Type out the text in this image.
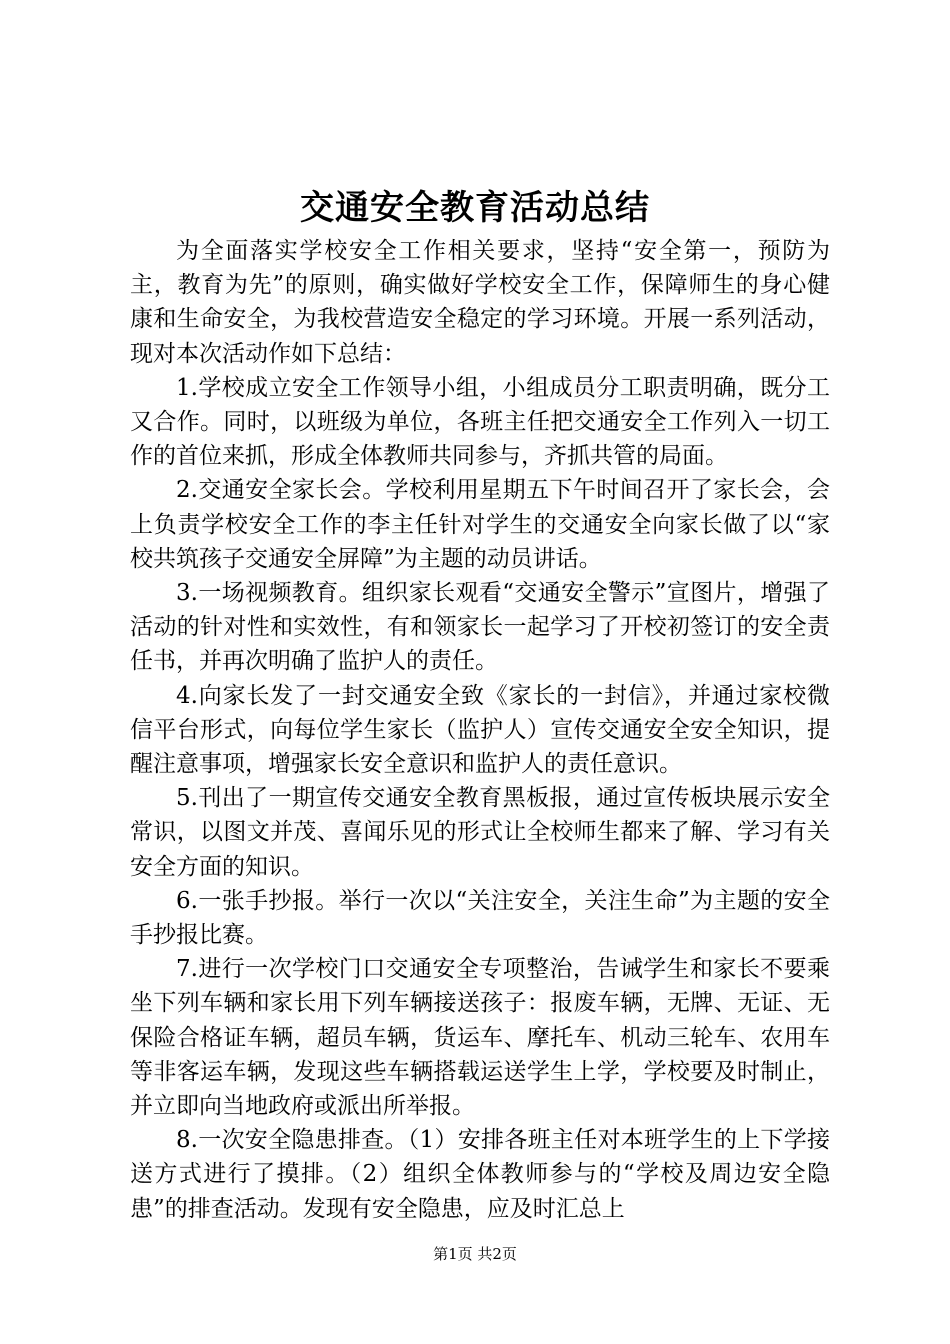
交通安全教育活动总结

为全面落实学校安全工作相关要求，坚持“安全第一，预防为主，教育为先”的原则，确实做好学校安全工作，保障师生的身心健康和生命安全，为我校营造安全稳定的学习环境。开展一系列活动，现对本次活动作如下总结：

1.学校成立安全工作领导小组，小组成员分工职责明确，既分工又合作。同时，以班级为单位，各班主任把交通安全工作列入一切工作的首位来抓，形成全体教师共同参与，齐抓共管的局面。

2.交通安全家长会。学校利用星期五下午时间召开了家长会，会上负责学校安全工作的李主任针对学生的交通安全向家长做了以“家校共筑孩子交通安全屏障”为主题的动员讲话。

3.一场视频教育。组织家长观看“交通安全警示”宣图片，增强了活动的针对性和实效性，有和领家长一起学习了开校初签订的安全责任书，并再次明确了监护人的责任。

4.向家长发了一封交通安全致《家长的一封信》，并通过家校微信平台形式，向每位学生家长（监护人）宣传交通安全安全知识，提醒注意事项，增强家长安全意识和监护人的责任意识。

5.刊出了一期宣传交通安全教育黑板报，通过宣传板块展示安全常识，以图文并茂、喜闻乐见的形式让全校师生都来了解、学习有关安全方面的知识。

6.一张手抄报。举行一次以“关注安全，关注生命”为主题的安全手抄报比赛。

7.进行一次学校门口交通安全专项整治，告诫学生和家长不要乘坐下列车辆和家长用下列车辆接送孩子：报废车辆，无牌、无证、无保险合格证车辆，超员车辆，货运车、摩托车、机动三轮车、农用车等非客运车辆，发现这些车辆搭载运送学生上学，学校要及时制止，并立即向当地政府或派出所举报。

8.一次安全隐患排查。（1）安排各班主任对本班学生的上下学接送方式进行了摸排。（2）组织全体教师参与的“学校及周边安全隐患”的排查活动。发现有安全隐患，应及时汇总上

第1页 共2页
